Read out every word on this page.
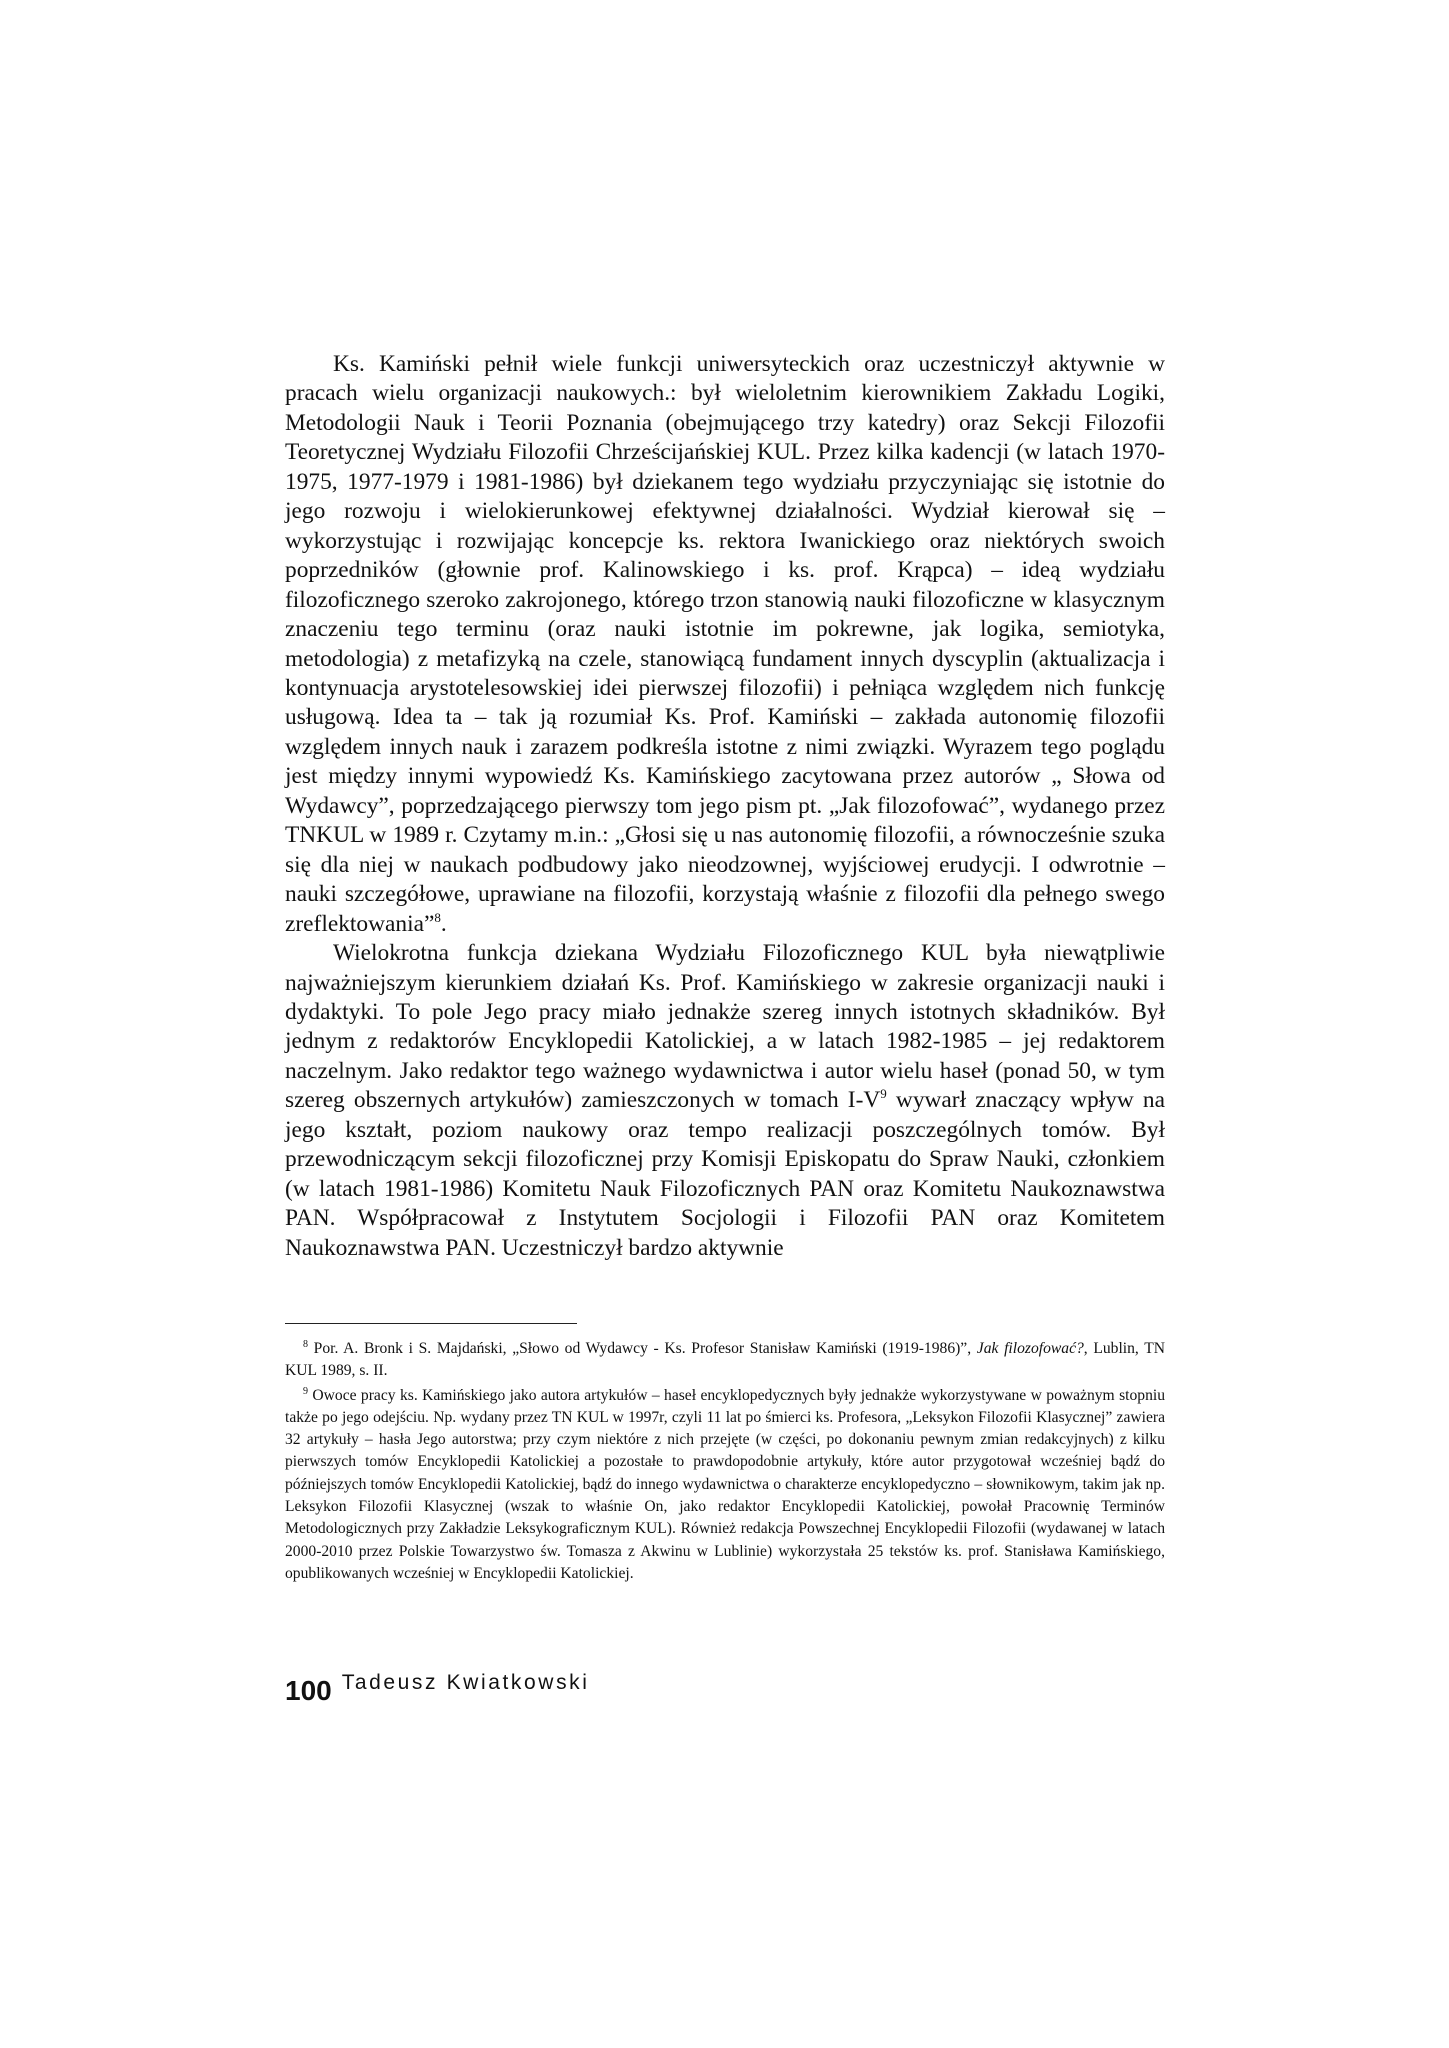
Ks. Kamiński pełnił wiele funkcji uniwersyteckich oraz uczestniczył aktywnie w pracach wielu organizacji naukowych.: był wieloletnim kierownikiem Zakładu Logiki, Metodologii Nauk i Teorii Poznania (obejmującego trzy katedry) oraz Sekcji Filozofii Teoretycznej Wydziału Filozofii Chrześcijańskiej KUL. Przez kilka kadencji (w latach 1970-1975, 1977-1979 i 1981-1986) był dziekanem tego wydziału przyczyniając się istotnie do jego rozwoju i wielokierunkowej efektywnej działalności. Wydział kierował się – wykorzystując i rozwijając koncepcje ks. rektora Iwanickiego oraz niektórych swoich poprzedników (głownie prof. Kalinowskiego i ks. prof. Krąpca) – ideą wydziału filozoficznego szeroko zakrojonego, którego trzon stanowią nauki filozoficzne w klasycznym znaczeniu tego terminu (oraz nauki istotnie im pokrewne, jak logika, semiotyka, metodologia) z metafizyką na czele, stanowiącą fundament innych dyscyplin (aktualizacja i kontynuacja arystotelesowskiej idei pierwszej filozofii) i pełniąca względem nich funkcję usługową. Idea ta – tak ją rozumiał Ks. Prof. Kamiński – zakłada autonomię filozofii względem innych nauk i zarazem podkreśla istotne z nimi związki. Wyrazem tego poglądu jest między innymi wypowiedź Ks. Kamińskiego zacytowana przez autorów „ Słowa od Wydawcy”, poprzedzającego pierwszy tom jego pism pt. „Jak filozofować”, wydanego przez TNKUL w 1989 r. Czytamy m.in.: „Głosi się u nas autonomię filozofii, a równocześnie szuka się dla niej w naukach podbudowy jako nieodzownej, wyjściowej erudycji. I odwrotnie – nauki szczegółowe, uprawiane na filozofii, korzystają właśnie z filozofii dla pełnego swego zreflektowania”$^8$.

Wielokrotna funkcja dziekana Wydziału Filozoficznego KUL była niewątpliwie najważniejszym kierunkiem działań Ks. Prof. Kamińskiego w zakresie organizacji nauki i dydaktyki. To pole Jego pracy miało jednakże szereg innych istotnych składników. Był jednym z redaktorów Encyklopedii Katolickiej, a w latach 1982-1985 – jej redaktorem naczelnym. Jako redaktor tego ważnego wydawnictwa i autor wielu haseł (ponad 50, w tym szereg obszernych artykułów) zamieszczonych w tomach I-V$^9$ wywarł znaczący wpływ na jego kształt, poziom naukowy oraz tempo realizacji poszczególnych tomów. Był przewodniczącym sekcji filozoficznej przy Komisji Episkopatu do Spraw Nauki, członkiem (w latach 1981-1986) Komitetu Nauk Filozoficznych PAN oraz Komitetu Naukoznawstwa PAN. Współpracował z Instytutem Socjologii i Filozofii PAN oraz Komitetem Naukoznawstwa PAN. Uczestniczył bardzo aktywnie

$^8$ Por. A. Bronk i S. Majdański, „Słowo od Wydawcy - Ks. Profesor Stanisław Kamiński (1919-1986)”, Jak filozofować?, Lublin, TN KUL 1989, s. II.

$^9$ Owoce pracy ks. Kamińskiego jako autora artykułów – haseł encyklopedycznych były jednakże wykorzystywane w poważnym stopniu także po jego odejściu. Np. wydany przez TN KUL w 1997r, czyli 11 lat po śmierci ks. Profesora, „Leksykon Filozofii Klasycznej” zawiera 32 artykuły – hasła Jego autorstwa; przy czym niektóre z nich przejęte (w części, po dokonaniu pewnym zmian redakcyjnych) z kilku pierwszych tomów Encyklopedii Katolickiej a pozostałe to prawdopodobnie artykuły, które autor przygotował wcześniej bądź do późniejszych tomów Encyklopedii Katolickiej, bądź do innego wydawnictwa o charakterze encyklopedyczno – słownikowym, takim jak np. Leksykon Filozofii Klasycznej (wszak to właśnie On, jako redaktor Encyklopedii Katolickiej, powołał Pracownię Terminów Metodologicznych przy Zakładzie Leksykograficznym KUL). Również redakcja Powszechnej Encyklopedii Filozofii (wydawanej w latach 2000-2010 przez Polskie Towarzystwo św. Tomasza z Akwinu w Lublinie) wykorzystała 25 tekstów ks. prof. Stanisława Kamińskiego, opublikowanych wcześniej w Encyklopedii Katolickiej.

100 Tadeusz Kwiatkowski
